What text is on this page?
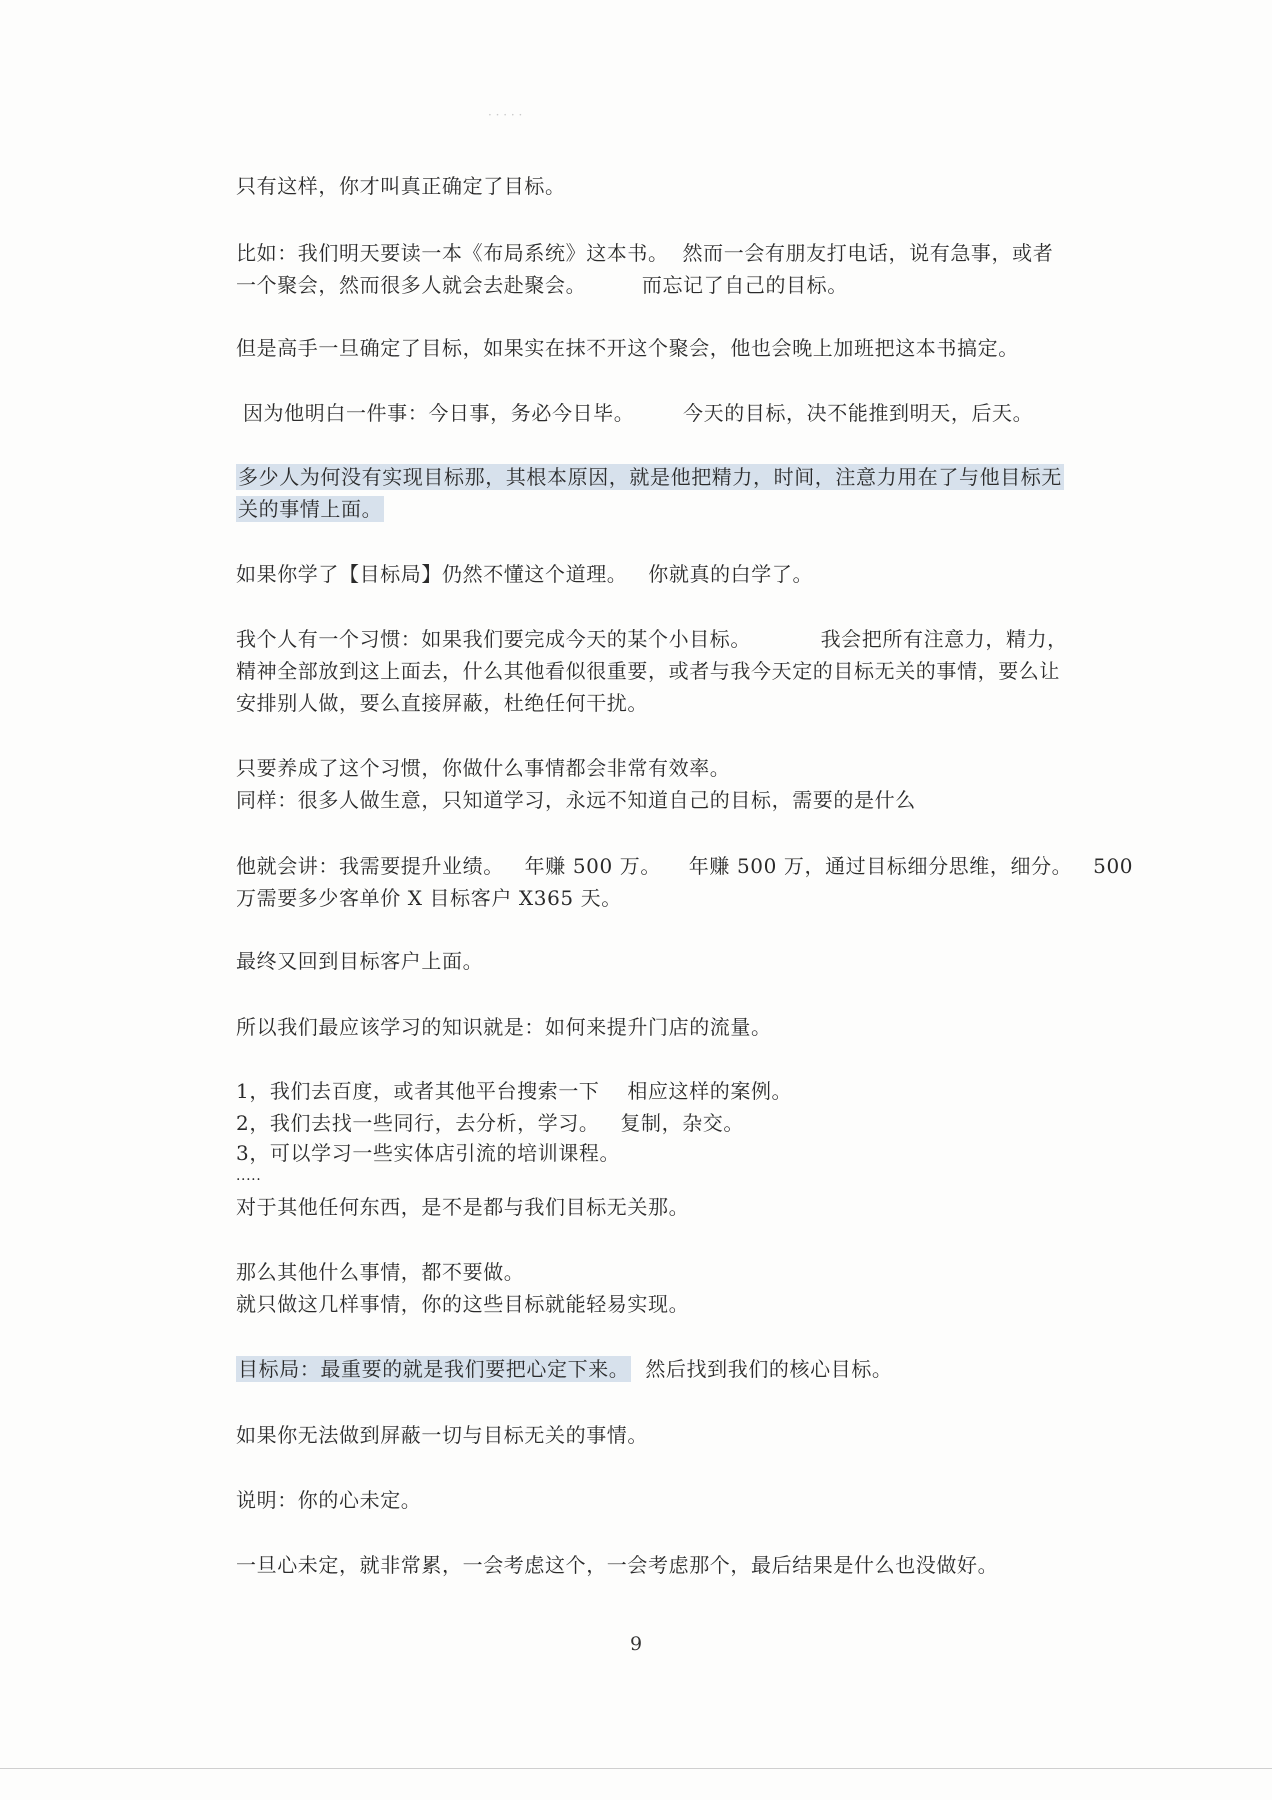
· · · · ·
只有这样，你才叫真正确定了目标。
比如：我们明天要读一本《布局系统》这本书。  然而一会有朋友打电话，说有急事，或者
一个聚会，然而很多人就会去赴聚会。        而忘记了自己的目标。
但是高手一旦确定了目标，如果实在抹不开这个聚会，他也会晚上加班把这本书搞定。
因为他明白一件事：今日事，务必今日毕。       今天的目标，决不能推到明天，后天。
多少人为何没有实现目标那，其根本原因，就是他把精力，时间，注意力用在了与他目标无
关的事情上面。
如果你学了【目标局】仍然不懂这个道理。   你就真的白学了。
我个人有一个习惯：如果我们要完成今天的某个小目标。          我会把所有注意力，精力，
精神全部放到这上面去，什么其他看似很重要，或者与我今天定的目标无关的事情，要么让
安排别人做，要么直接屏蔽，杜绝任何干扰。
只要养成了这个习惯，你做什么事情都会非常有效率。
同样：很多人做生意，只知道学习，永远不知道自己的目标，需要的是什么
他就会讲：我需要提升业绩。   年赚 500 万。    年赚 500 万，通过目标细分思维，细分。   500
万需要多少客单价 X 目标客户 X365 天。
最终又回到目标客户上面。
所以我们最应该学习的知识就是：如何来提升门店的流量。
1，我们去百度，或者其他平台搜索一下    相应这样的案例。
2，我们去找一些同行，去分析，学习。   复制，杂交。
3，可以学习一些实体店引流的培训课程。
.....
对于其他任何东西，是不是都与我们目标无关那。
那么其他什么事情，都不要做。
就只做这几样事情，你的这些目标就能轻易实现。
目标局：最重要的就是我们要把心定下来。  然后找到我们的核心目标。
如果你无法做到屏蔽一切与目标无关的事情。
说明：你的心未定。
一旦心未定，就非常累，一会考虑这个，一会考虑那个，最后结果是什么也没做好。
9
